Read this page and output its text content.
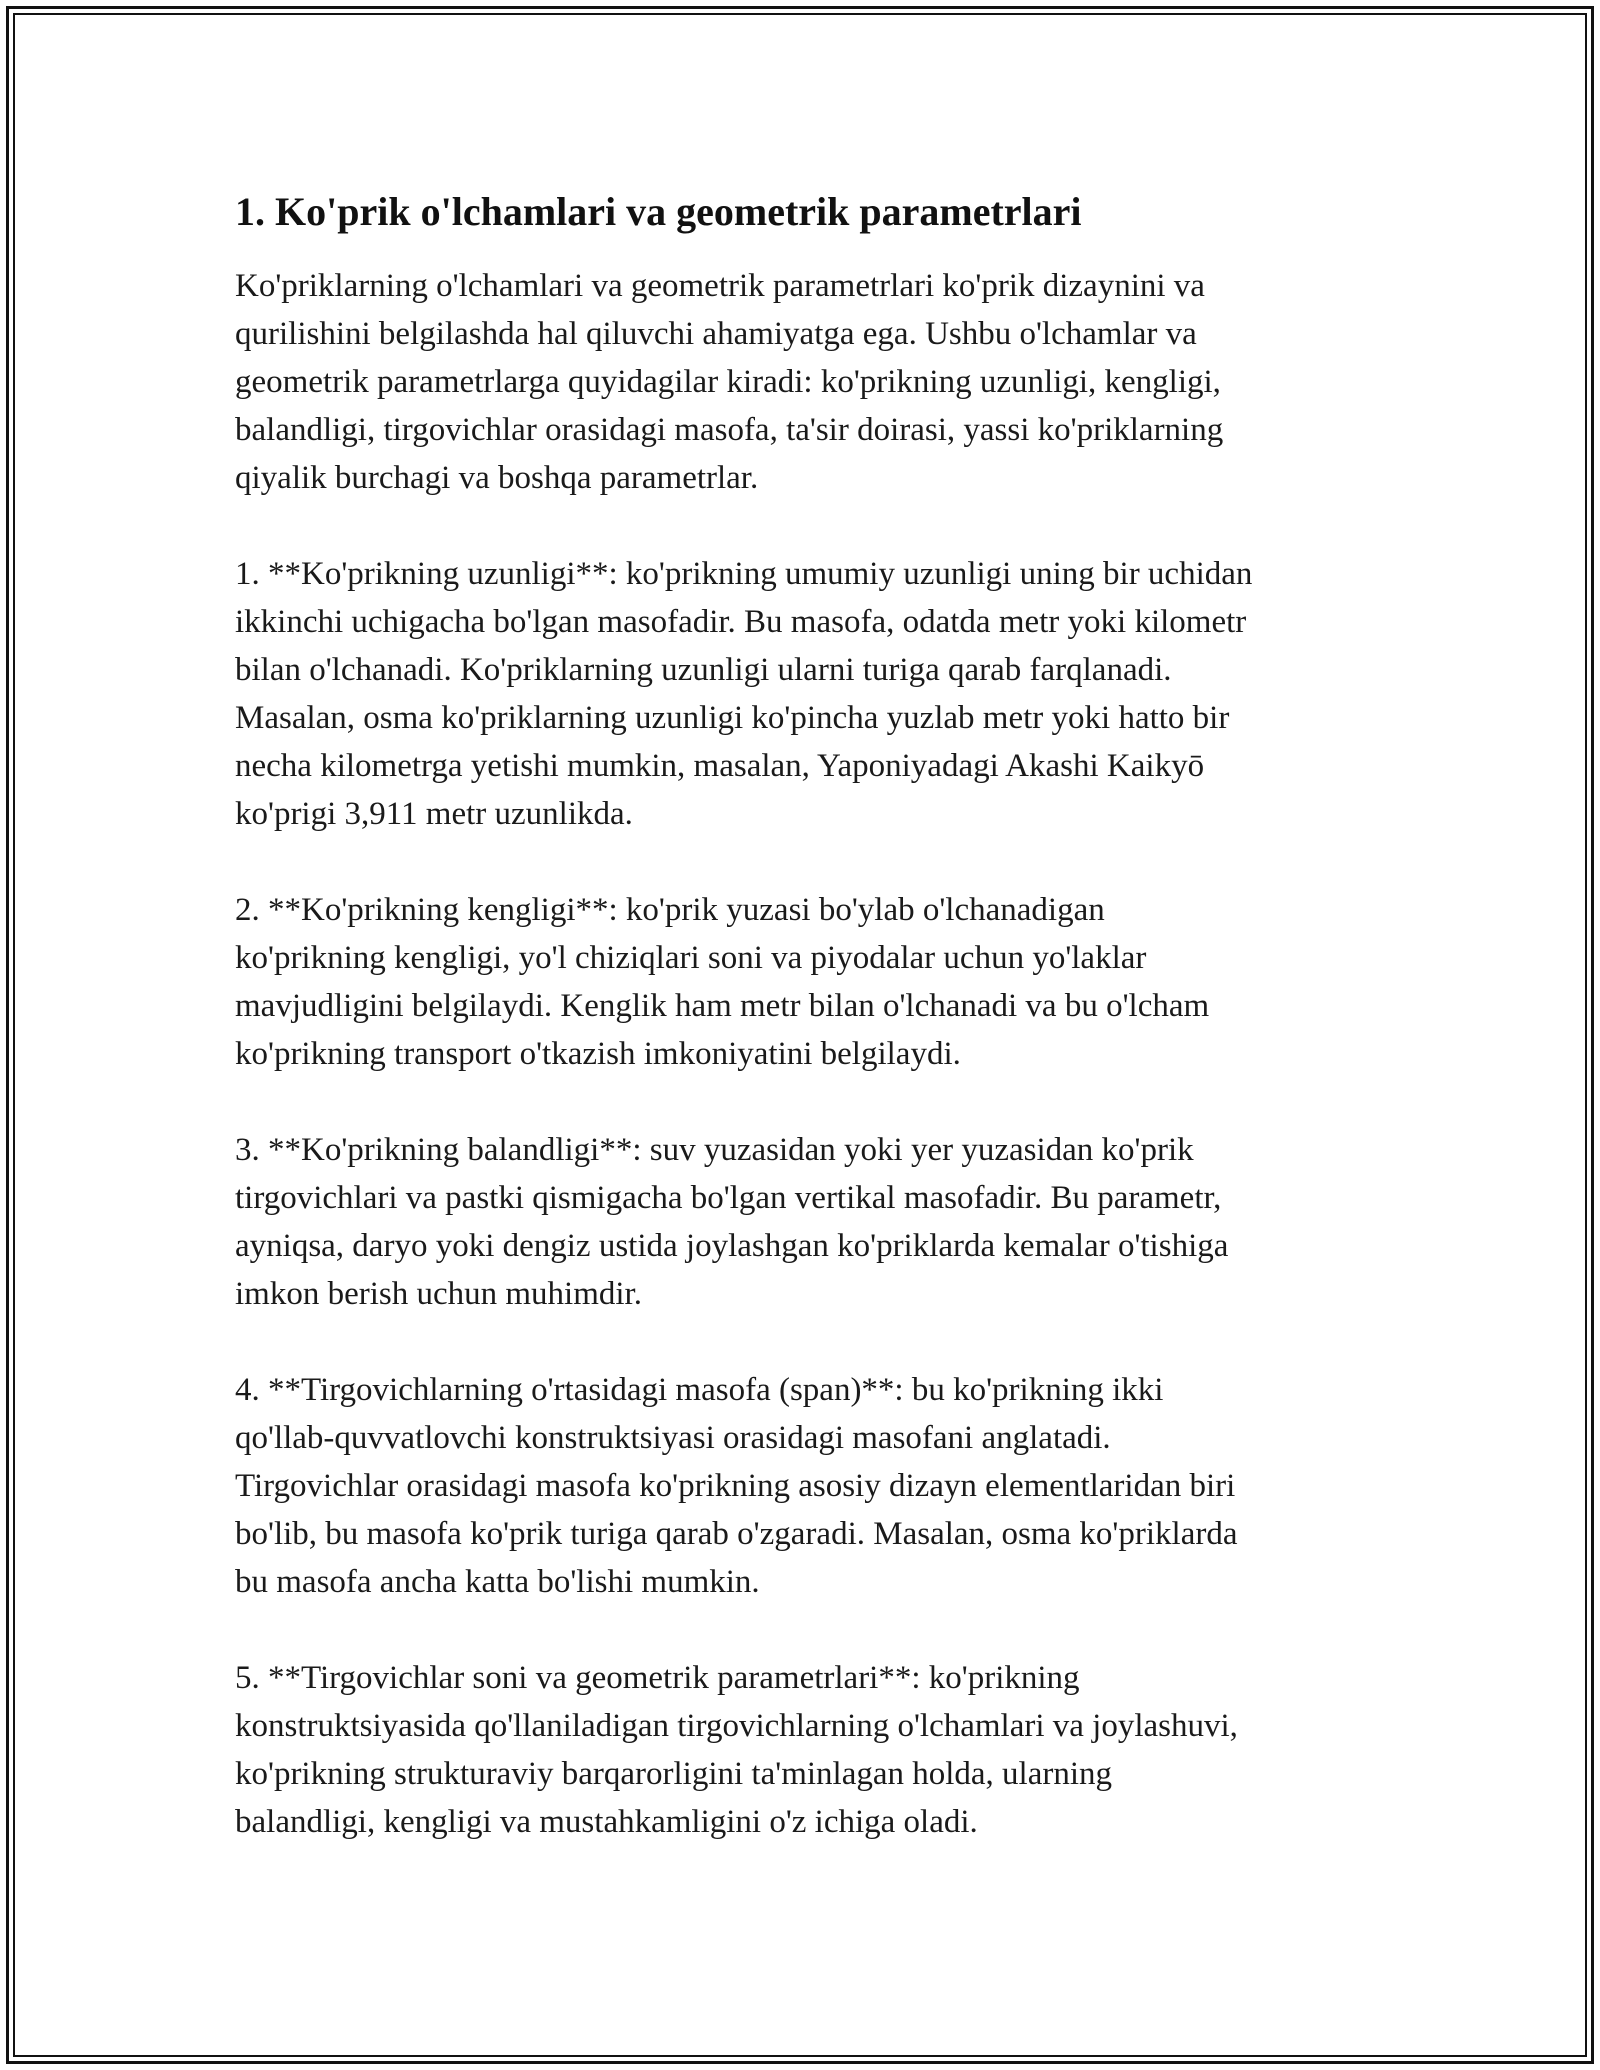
1. Ko'prik o'lchamlari va geometrik parametrlari

Ko'priklarning o'lchamlari va geometrik parametrlari ko'prik dizaynini va
qurilishini belgilashda hal qiluvchi ahamiyatga ega. Ushbu o'lchamlar va
geometrik parametrlarga quyidagilar kiradi: ko'prikning uzunligi, kengligi,
balandligi, tirgovichlar orasidagi masofa, ta'sir doirasi, yassi ko'priklarning
qiyalik burchagi va boshqa parametrlar.

1. **Ko'prikning uzunligi**: ko'prikning umumiy uzunligi uning bir uchidan
ikkinchi uchigacha bo'lgan masofadir. Bu masofa, odatda metr yoki kilometr
bilan o'lchanadi. Ko'priklarning uzunligi ularni turiga qarab farqlanadi.
Masalan, osma ko'priklarning uzunligi ko'pincha yuzlab metr yoki hatto bir
necha kilometrga yetishi mumkin, masalan, Yaponiyadagi Akashi Kaikyō
ko'prigi 3,911 metr uzunlikda.

2. **Ko'prikning kengligi**: ko'prik yuzasi bo'ylab o'lchanadigan
ko'prikning kengligi, yo'l chiziqlari soni va piyodalar uchun yo'laklar
mavjudligini belgilaydi. Kenglik ham metr bilan o'lchanadi va bu o'lcham
ko'prikning transport o'tkazish imkoniyatini belgilaydi.

3. **Ko'prikning balandligi**: suv yuzasidan yoki yer yuzasidan ko'prik
tirgovichlari va pastki qismigacha bo'lgan vertikal masofadir. Bu parametr,
ayniqsa, daryo yoki dengiz ustida joylashgan ko'priklarda kemalar o'tishiga
imkon berish uchun muhimdir.

4. **Tirgovichlarning o'rtasidagi masofa (span)**: bu ko'prikning ikki
qo'llab-quvvatlovchi konstruktsiyasi orasidagi masofani anglatadi.
Tirgovichlar orasidagi masofa ko'prikning asosiy dizayn elementlaridan biri
bo'lib, bu masofa ko'prik turiga qarab o'zgaradi. Masalan, osma ko'priklarda
bu masofa ancha katta bo'lishi mumkin.

5. **Tirgovichlar soni va geometrik parametrlari**: ko'prikning
konstruktsiyasida qo'llaniladigan tirgovichlarning o'lchamlari va joylashuvi,
ko'prikning strukturaviy barqarorligini ta'minlagan holda, ularning
balandligi, kengligi va mustahkamligini o'z ichiga oladi.
